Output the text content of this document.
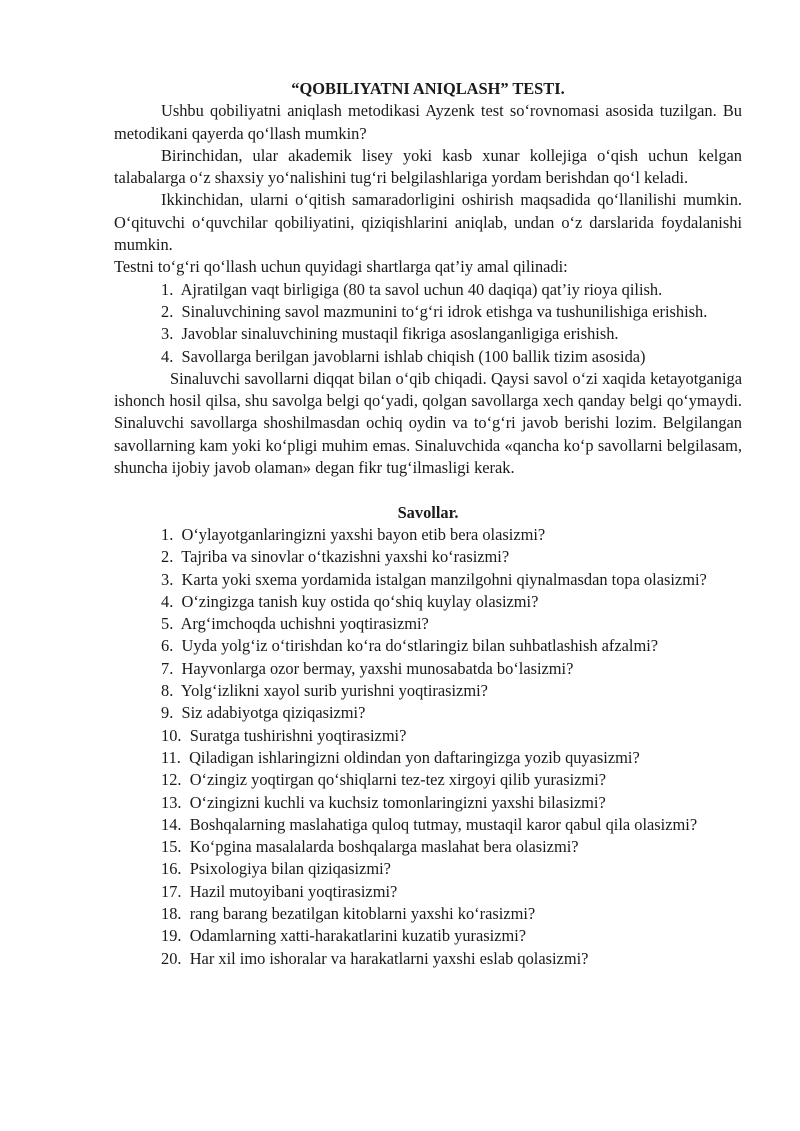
“QOBILIYATNI ANIQLASH” TESTI.

Ushbu qobiliyatni aniqlash metodikasi Ayzenk test so‘rovnomasi asosida tuzilgan. Bu metodikani qayerda qo‘llash mumkin?

Birinchidan, ular akademik lisey yoki kasb xunar kollejiga o‘qish uchun kelgan talabalarga o‘z shaxsiy yo‘nalishini tug‘ri belgilashlariga yordam berishdan qo‘l keladi.

Ikkinchidan, ularni o‘qitish samaradorligini oshirish maqsadida qo‘llanilishi mumkin. O‘qituvchi o‘quvchilar qobiliyatini, qiziqishlarini aniqlab, undan o‘z darslarida foydalanishi mumkin.

Testni to‘g‘ri qo‘llash uchun quyidagi shartlarga qat’iy amal qilinadi:

1. Ajratilgan vaqt birligiga (80 ta savol uchun 40 daqiqa) qat’iy rioya qilish.
2. Sinaluvchining savol mazmunini to‘g‘ri idrok etishga va tushunilishiga erishish.
3. Javoblar sinaluvchining mustaqil fikriga asoslanganligiga erishish.
4. Savollarga berilgan javoblarni ishlab chiqish (100 ballik tizim asosida)

Sinaluvchi savollarni diqqat bilan o‘qib chiqadi. Qaysi savol o‘zi xaqida ketayotganiga ishonch hosil qilsa, shu savolga belgi qo‘yadi, qolgan savollarga xech qanday belgi qo‘ymaydi. Sinaluvchi savollarga shoshilmasdan ochiq oydin va to‘g‘ri javob berishi lozim. Belgilangan savollarning kam yoki ko‘pligi muhim emas. Sinaluvchida «qancha ko‘p savollarni belgilasam, shuncha ijobiy javob olaman» degan fikr tug‘ilmasligi kerak.

Savollar.

1. O‘ylayotganlaringizni yaxshi bayon etib bera olasizmi?
2. Tajriba va sinovlar o‘tkazishni yaxshi ko‘rasizmi?
3. Karta yoki sxema yordamida istalgan manzilgohni qiynalmasdan topa olasizmi?
4. O‘zingizga tanish kuy ostida qo‘shiq kuylay olasizmi?
5. Arg‘imchoqda uchishni yoqtirasizmi?
6. Uyda yolg‘iz o‘tirishdan ko‘ra do‘stlaringiz bilan suhbatlashish afzalmi?
7. Hayvonlarga ozor bermay, yaxshi munosabatda bo‘lasizmi?
8. Yolg‘izlikni xayol surib yurishni yoqtirasizmi?
9. Siz adabiyotga qiziqasizmi?
10. Suratga tushirishni yoqtirasizmi?
11. Qiladigan ishlaringizni oldindan yon daftaringizga yozib quyasizmi?
12. O‘zingiz yoqtirgan qo‘shiqlarni tez-tez xirgoyi qilib yurasizmi?
13. O‘zingizni kuchli va kuchsiz tomonlaringizni yaxshi bilasizmi?
14. Boshqalarning maslahatiga quloq tutmay, mustaqil karor qabul qila olasizmi?
15. Ko‘pgina masalalarda boshqalarga maslahat bera olasizmi?
16. Psixologiya bilan qiziqasizmi?
17. Hazil mutoyibani yoqtirasizmi?
18. rang barang bezatilgan kitoblarni yaxshi ko‘rasizmi?
19. Odamlarning xatti-harakatlarini kuzatib yurasizmi?
20. Har xil imo ishoralar va harakatlarni yaxshi eslab qolasizmi?
